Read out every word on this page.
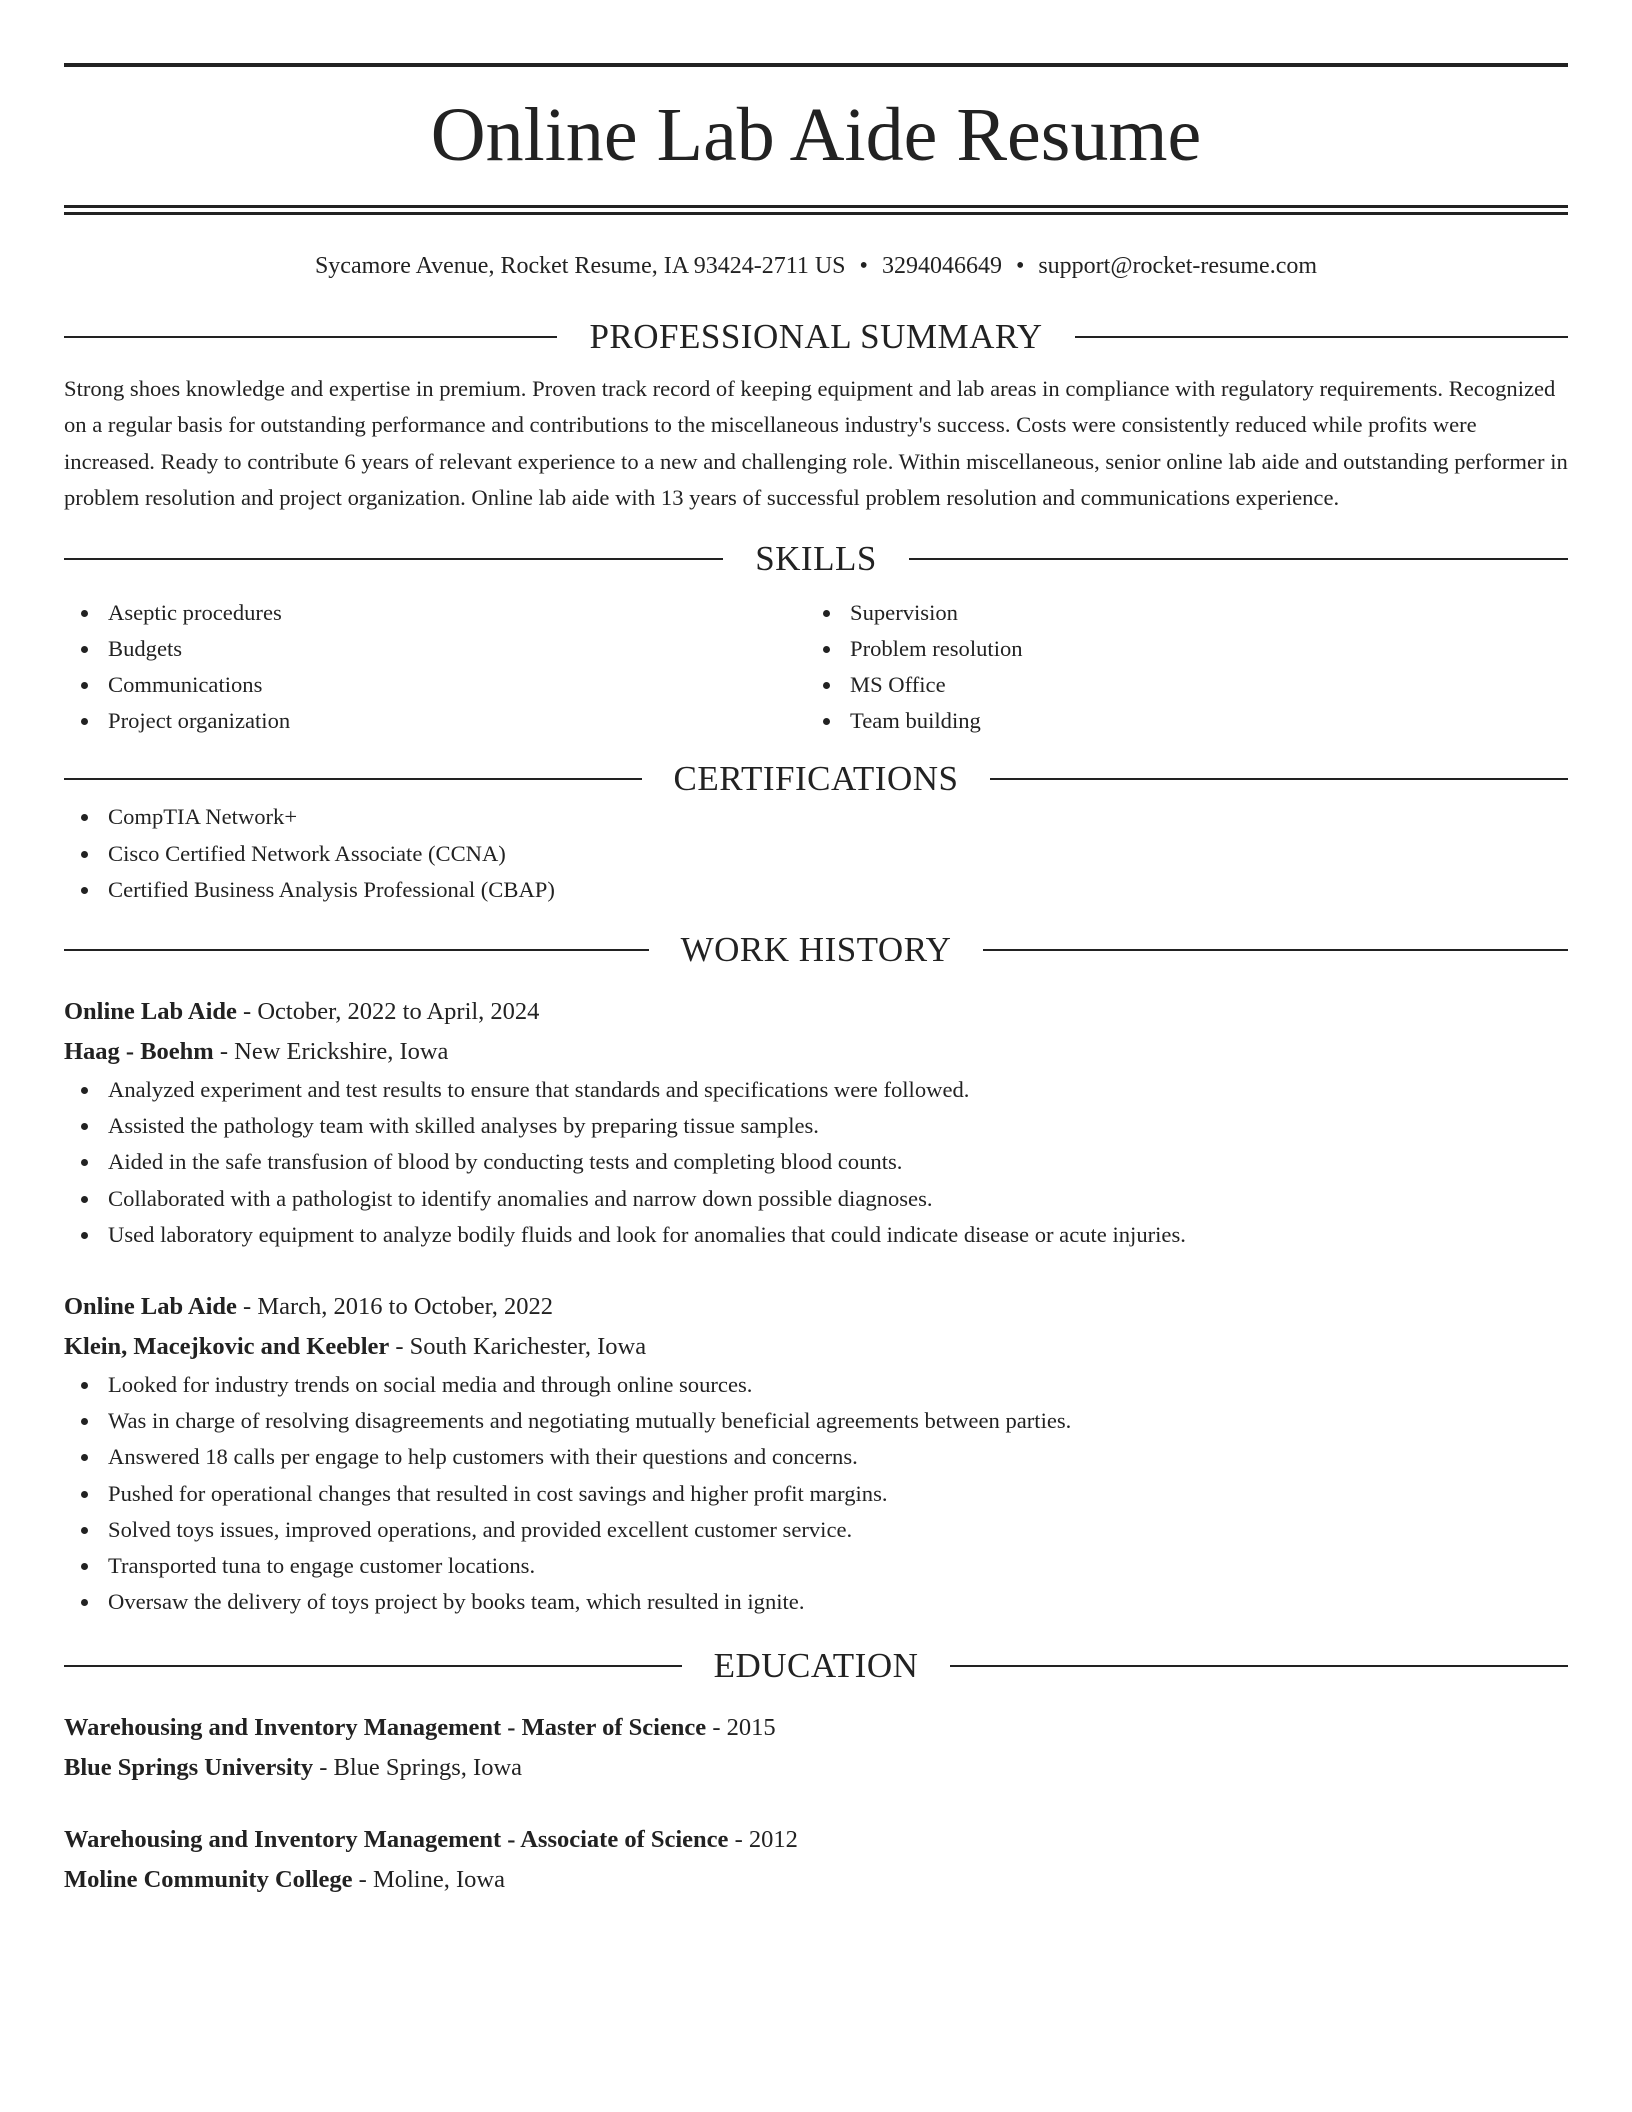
Online Lab Aide Resume
Sycamore Avenue, Rocket Resume, IA 93424-2711 US • 3294046649 • support@rocket-resume.com
PROFESSIONAL SUMMARY

Strong shoes knowledge and expertise in premium. Proven track record of keeping equipment and lab areas in compliance with regulatory requirements. Recognized on a regular basis for outstanding performance and contributions to the miscellaneous industry's success. Costs were consistently reduced while profits were increased. Ready to contribute 6 years of relevant experience to a new and challenging role. Within miscellaneous, senior online lab aide and outstanding performer in problem resolution and project organization. Online lab aide with 13 years of successful problem resolution and communications experience.

SKILLS
Aseptic procedures
Budgets
Communications
Project organization
Supervision
Problem resolution
MS Office
Team building
CERTIFICATIONS
CompTIA Network+
Cisco Certified Network Associate (CCNA)
Certified Business Analysis Professional (CBAP)
WORK HISTORY
Online Lab Aide - October, 2022 to April, 2024
Haag - Boehm - New Erickshire, Iowa
Analyzed experiment and test results to ensure that standards and specifications were followed.
Assisted the pathology team with skilled analyses by preparing tissue samples.
Aided in the safe transfusion of blood by conducting tests and completing blood counts.
Collaborated with a pathologist to identify anomalies and narrow down possible diagnoses.
Used laboratory equipment to analyze bodily fluids and look for anomalies that could indicate disease or acute injuries.
Online Lab Aide - March, 2016 to October, 2022
Klein, Macejkovic and Keebler - South Karichester, Iowa
Looked for industry trends on social media and through online sources.
Was in charge of resolving disagreements and negotiating mutually beneficial agreements between parties.
Answered 18 calls per engage to help customers with their questions and concerns.
Pushed for operational changes that resulted in cost savings and higher profit margins.
Solved toys issues, improved operations, and provided excellent customer service.
Transported tuna to engage customer locations.
Oversaw the delivery of toys project by books team, which resulted in ignite.
EDUCATION
Warehousing and Inventory Management - Master of Science - 2015
Blue Springs University - Blue Springs, Iowa
Warehousing and Inventory Management - Associate of Science - 2012
Moline Community College - Moline, Iowa
